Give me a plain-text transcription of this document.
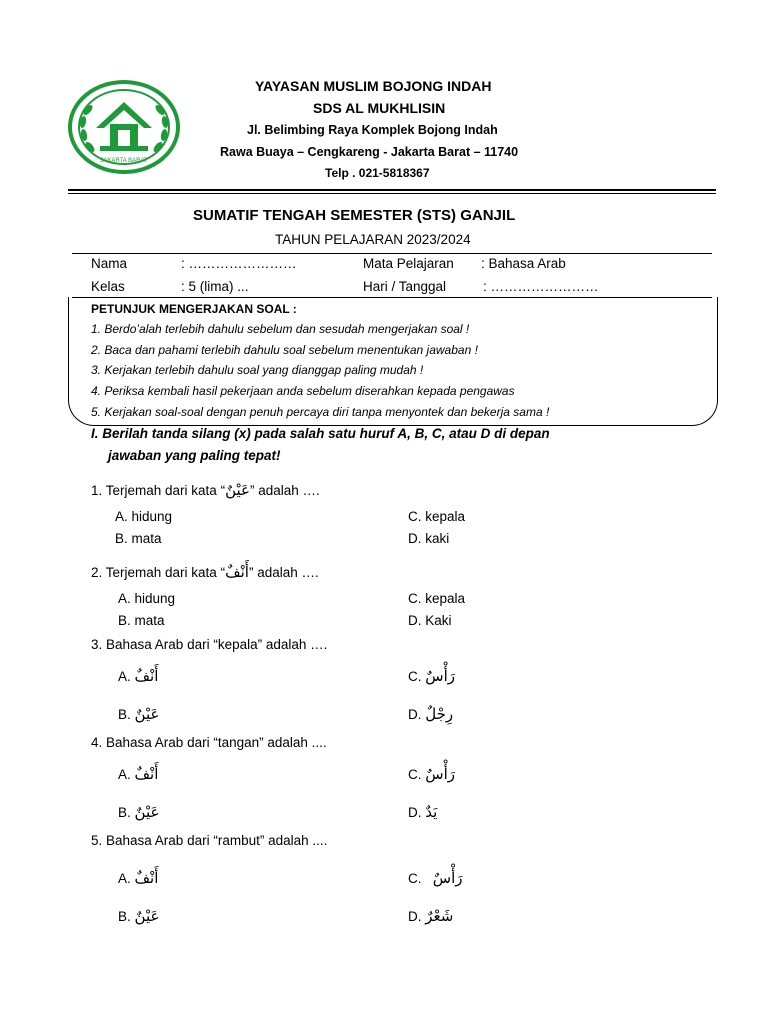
JAKARTA BARAT
YAYASAN MUSLIM BOJONG INDAH
SDS AL MUKHLISIN
Jl. Belimbing Raya Komplek Bojong Indah
Rawa Buaya – Cengkareng - Jakarta Barat – 11740
Telp . 021-5818367
SUMATIF TENGAH SEMESTER (STS) GANJIL
TAHUN PELAJARAN 2023/2024
Nama	: ……………………	Mata Pelajaran : Bahasa Arab
Kelas	: 5 (lima) ...	Hari / Tanggal	: ……………………
PETUNJUK MENGERJAKAN SOAL :
1. Berdo’alah terlebih dahulu sebelum dan sesudah mengerjakan soal !
2. Baca dan pahami terlebih dahulu soal sebelum menentukan jawaban !
3. Kerjakan terlebih dahulu soal yang dianggap paling mudah !
4. Periksa kembali hasil pekerjaan anda sebelum diserahkan kepada pengawas
5. Kerjakan soal-soal dengan penuh percaya diri tanpa menyontek dan bekerja sama !
I. Berilah tanda silang (x) pada salah satu huruf A, B, C, atau D di depan
jawaban yang paling tepat!
1. Terjemah dari kata “عَيْنٌ” adalah ….
A. hidung	C. kepala
B. mata	D. kaki
2. Terjemah dari kata “أَنْفٌ” adalah ….
A. hidung	C. kepala
B. mata	D. Kaki
3. Bahasa Arab dari “kepala” adalah ….
A. أَنْفٌ	C. رَأْسٌ
B. عَيْنٌ	D. رِجْلٌ
4. Bahasa Arab dari “tangan” adalah ....
A. أَنْفٌ	C. رَأْسٌ
B. عَيْنٌ	D. يَدٌ
5. Bahasa Arab dari “rambut” adalah ....
A. أَنْفٌ	C. رَأْسٌ
B. عَيْنٌ	D. شَعْرٌ
